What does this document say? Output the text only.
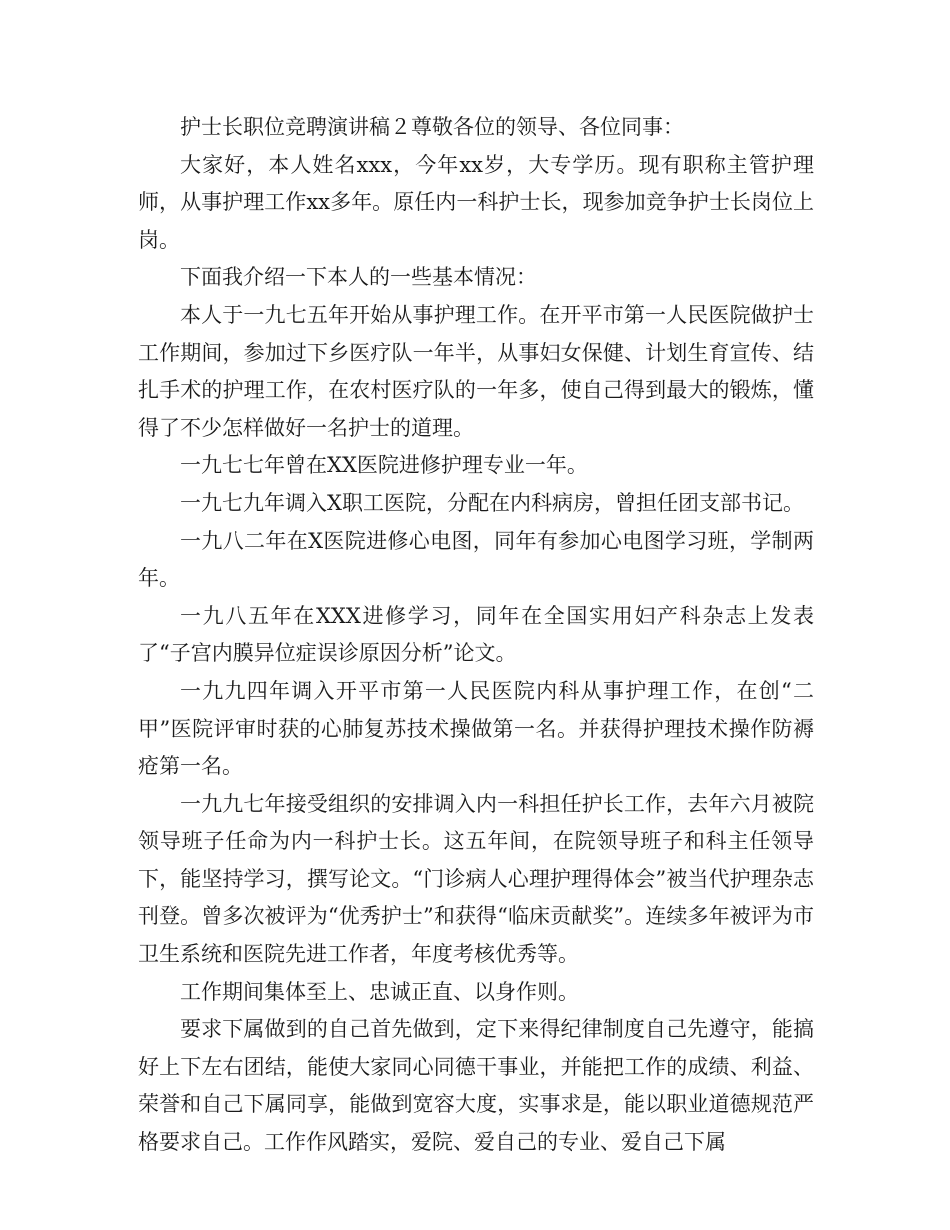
护士长职位竞聘演讲稿２尊敬各位的领导、各位同事：

大家好，本人姓名xxx，今年xx岁，大专学历。现有职称主管护理师，从事护理工作xx多年。原任内一科护士长，现参加竞争护士长岗位上岗。

下面我介绍一下本人的一些基本情况：

本人于一九七五年开始从事护理工作。在开平市第一人民医院做护士工作期间，参加过下乡医疗队一年半，从事妇女保健、计划生育宣传、结扎手术的护理工作，在农村医疗队的一年多，使自己得到最大的锻炼，懂得了不少怎样做好一名护士的道理。

一九七七年曾在XX医院进修护理专业一年。

一九七九年调入X职工医院，分配在内科病房，曾担任团支部书记。

一九八二年在X医院进修心电图，同年有参加心电图学习班，学制两年。

一九八五年在XXX进修学习，同年在全国实用妇产科杂志上发表了“子宫内膜异位症误诊原因分析”论文。

一九九四年调入开平市第一人民医院内科从事护理工作，在创“二甲”医院评审时获的心肺复苏技术操做第一名。并获得护理技术操作防褥疮第一名。

一九九七年接受组织的安排调入内一科担任护长工作，去年六月被院领导班子任命为内一科护士长。这五年间，在院领导班子和科主任领导下，能坚持学习，撰写论文。“门诊病人心理护理得体会”被当代护理杂志刊登。曾多次被评为“优秀护士”和获得“临床贡献奖”。连续多年被评为市卫生系统和医院先进工作者，年度考核优秀等。

工作期间集体至上、忠诚正直、以身作则。

要求下属做到的自己首先做到，定下来得纪律制度自己先遵守，能搞好上下左右团结，能使大家同心同德干事业，并能把工作的成绩、利益、荣誉和自己下属同享，能做到宽容大度，实事求是，能以职业道德规范严格要求自己。工作作风踏实，爱院、爱自己的专业、爱自己下属
